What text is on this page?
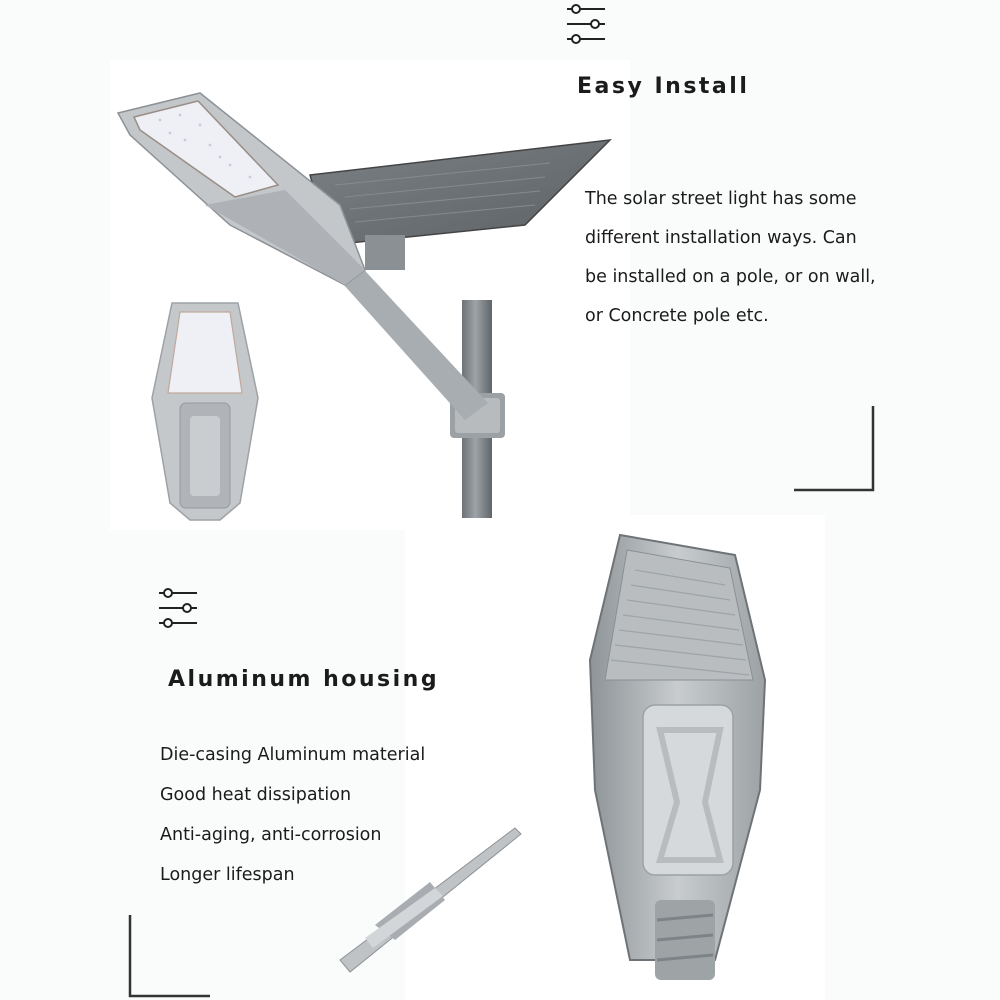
Easy Install
The solar street light has some
different installation ways. Can
be installed on a pole, or on wall,
or Concrete pole etc.
Aluminum housing
Die-casing Aluminum material
Good heat dissipation
Anti-aging, anti-corrosion
Longer lifespan
